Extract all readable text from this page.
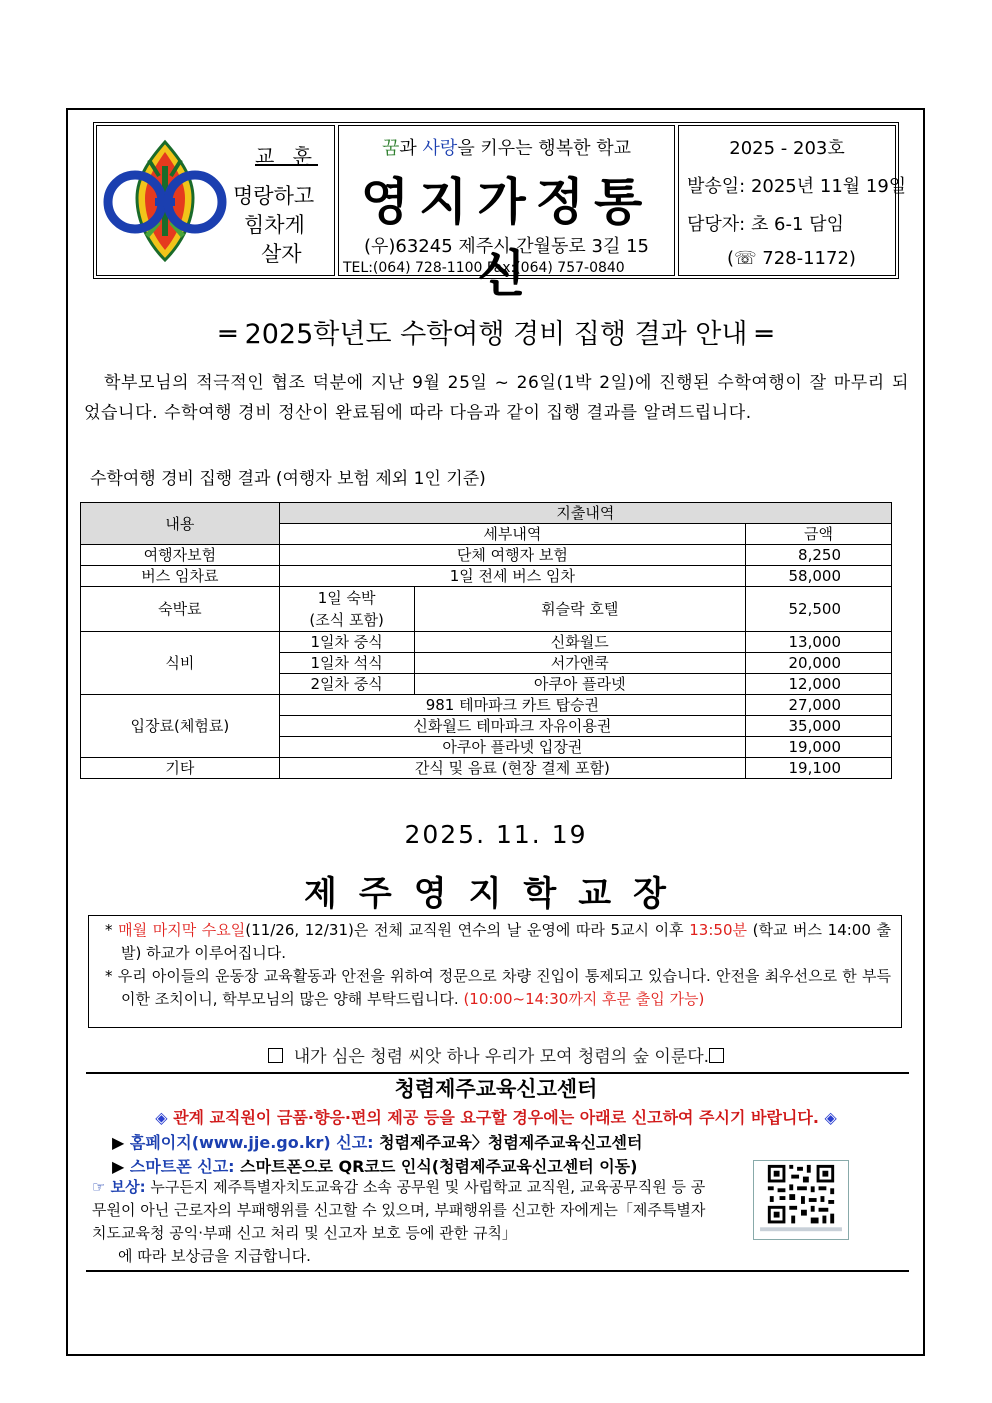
교 훈
명랑하고
힘차게
살자
꿈과 사랑을 키우는 행복한 학교
영지가정통신
(우)63245 제주시 간월동로 3길 15
TEL:(064) 728-1100 Fax:(064) 757-0840
2025 - 203호
발송일: 2025년 11월 19일
담당자: 초 6-1 담임
(☏ 728-1172)
═ 2025학년도 수학여행 경비 집행 결과 안내 ═
학부모님의 적극적인 협조 덕분에 지난 9월 25일 ~ 26일(1박 2일)에 진행된 수학여행이 잘 마무리 되었습니다. 수학여행 경비 정산이 완료됨에 따라 다음과 같이 집행 결과를 알려드립니다.
수학여행 경비 집행 결과 (여행자 보험 제외 1인 기준)
내용	지출내역		
	세부내역		금액
여행자보험	단체 여행자 보험		8,250
버스 임차료	1일 전세 버스 임차		58,000
숙박료	1일 숙박
(조식 포함)	휘슬락 호텔	52,500
식비	1일차 중식	신화월드	13,000
	1일차 석식	서가앤쿡	20,000
	2일차 중식	아쿠아 플라넷	12,000
입장료(체험료)	981 테마파크 카트 탑승권		27,000
	신화월드 테마파크 자유이용권		35,000
	아쿠아 플라넷 입장권		19,000
기타	간식 및 음료 (현장 결제 포함)		19,100
2025. 11. 19
제주영지학교장

* 매월 마지막 수요일(11/26, 12/31)은 전체 교직원 연수의 날 운영에 따라 5교시 이후 13:50분 (학교 버스 14:00 출발) 하교가 이루어집니다.

* 우리 아이들의 운동장 교육활동과 안전을 위하여 정문으로 차량 진입이 통제되고 있습니다. 안전을 최우선으로 한 부득이한 조치이니, 학부모님의 많은 양해 부탁드립니다. (10:00~14:30까지 후문 출입 가능)

내가 심은 청렴 씨앗 하나 우리가 모여 청렴의 숲 이룬다.
청렴제주교육신고센터
◈ 관계 교직원이 금품·향응·편의 제공 등을 요구할 경우에는 아래로 신고하여 주시기 바랍니다. ◈
▶ 홈페이지(www.jje.go.kr) 신고: 청렴제주교육〉청렴제주교육신고센터
▶ 스마트폰 신고: 스마트폰으로 QR코드 인식(청렴제주교육신고센터 이동)

☞ 보상: 누구든지 제주특별자치도교육감 소속 공무원 및 사립학교 교직원, 교육공무직원 등 공무원이 아닌 근로자의 부패행위를 신고할 수 있으며, 부패행위를 신고한 자에게는「제주특별자치도교육청 공익·부패 신고 처리 및 신고자 보호 등에 관한 규칙」

에 따라 보상금을 지급합니다.
